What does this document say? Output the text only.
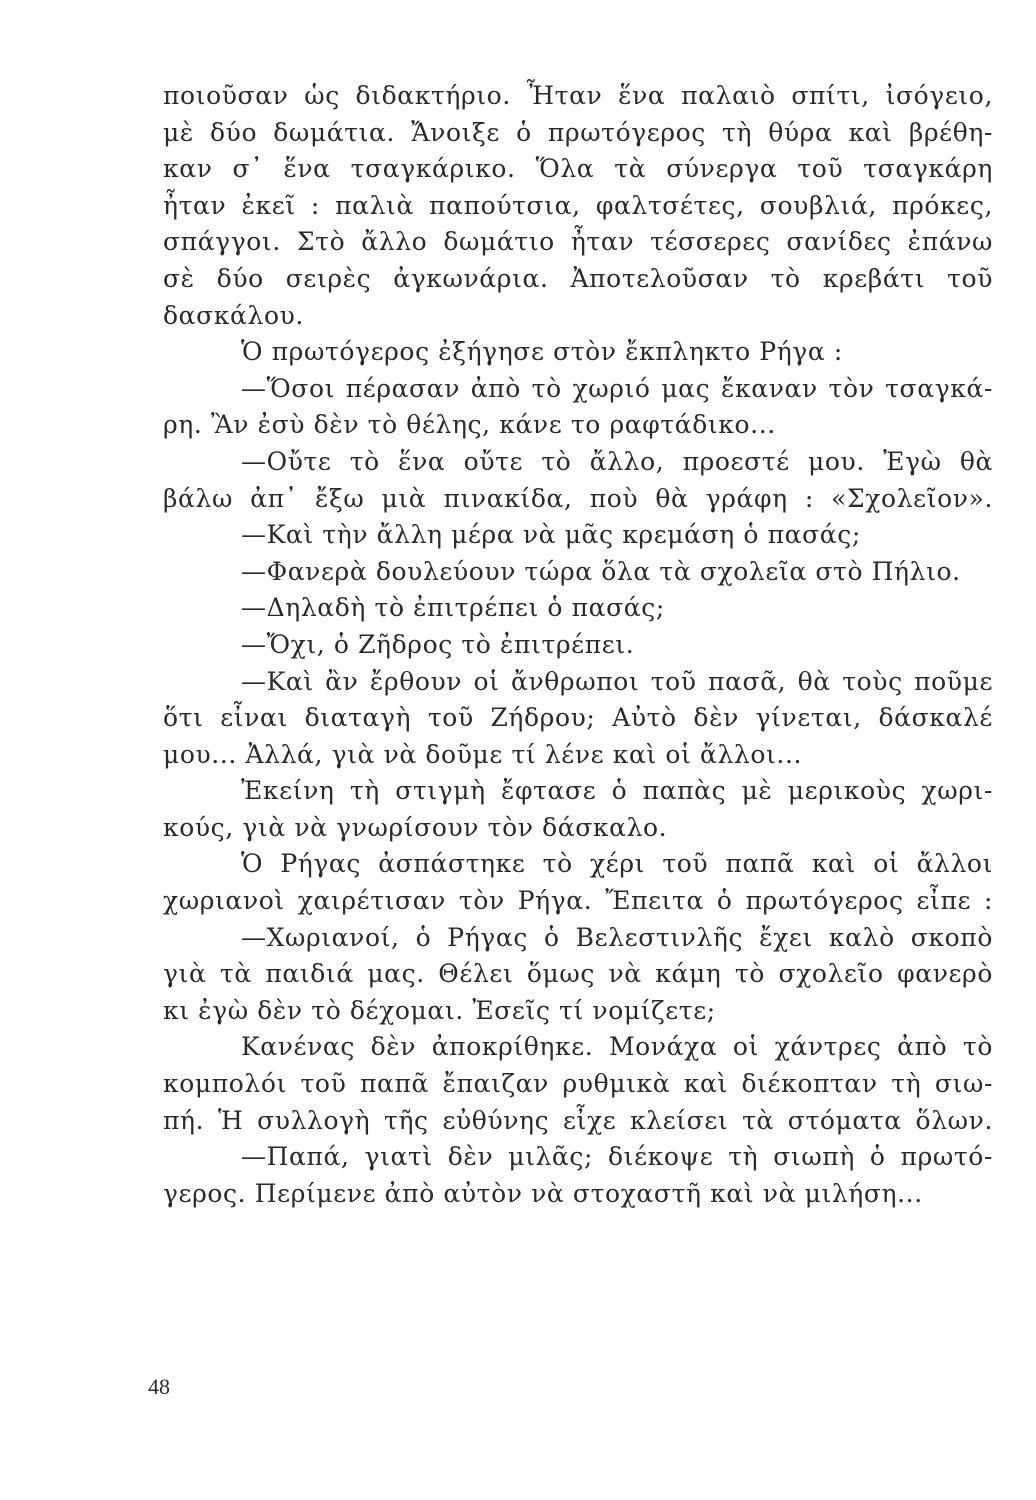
ποιοῦσαν ὡς διδακτήριο. Ἦταν ἕνα παλαιὸ σπίτι, ἰσόγειο,
μὲ δύο δωμάτια. Ἄνοιξε ὁ πρωτόγερος τὴ θύρα καὶ βρέθη-
καν σ᾽ ἕνα τσαγκάρικο. Ὅλα τὰ σύνεργα τοῦ τσαγκάρη
ἦταν ἐκεῖ : παλιὰ παπούτσια, φαλτσέτες, σουβλιά, πρόκες,
σπάγγοι. Στὸ ἄλλο δωμάτιο ἦταν τέσσερες σανίδες ἐπάνω
σὲ δύο σειρὲς ἀγκωνάρια. Ἀποτελοῦσαν τὸ κρεβάτι τοῦ
δασκάλου.
Ὁ πρωτόγερος ἐξήγησε στὸν ἔκπληκτο Ρήγα :
—Ὅσοι πέρασαν ἀπὸ τὸ χωριό μας ἔκαναν τὸν τσαγκά-
ρη. Ἂν ἐσὺ δὲν τὸ θέλης, κάνε το ραφτάδικο...
—Οὔτε τὸ ἕνα οὔτε τὸ ἄλλο, προεστέ μου. Ἐγὼ θὰ
βάλω ἀπ᾽ ἔξω μιὰ πινακίδα, ποὺ θὰ γράφη : «Σχολεῖον».
—Καὶ τὴν ἄλλη μέρα νὰ μᾶς κρεμάση ὁ πασάς;
—Φανερὰ δουλεύουν τώρα ὅλα τὰ σχολεῖα στὸ Πήλιο.
—Δηλαδὴ τὸ ἐπιτρέπει ὁ πασάς;
—Ὄχι, ὁ Ζῆδρος τὸ ἐπιτρέπει.
—Καὶ ἂν ἔρθουν οἱ ἄνθρωποι τοῦ πασᾶ, θὰ τοὺς ποῦμε
ὅτι εἶναι διαταγὴ τοῦ Ζήδρου; Αὐτὸ δὲν γίνεται, δάσκαλέ
μου... Ἀλλά, γιὰ νὰ δοῦμε τί λένε καὶ οἱ ἄλλοι...
Ἐκείνη τὴ στιγμὴ ἔφτασε ὁ παπὰς μὲ μερικοὺς χωρι-
κούς, γιὰ νὰ γνωρίσουν τὸν δάσκαλο.
Ὁ Ρήγας ἀσπάστηκε τὸ χέρι τοῦ παπᾶ καὶ οἱ ἄλλοι
χωριανοὶ χαιρέτισαν τὸν Ρήγα. Ἔπειτα ὁ πρωτόγερος εἶπε :
—Χωριανοί, ὁ Ρήγας ὁ Βελεστινλῆς ἔχει καλὸ σκοπὸ
γιὰ τὰ παιδιά μας. Θέλει ὅμως νὰ κάμη τὸ σχολεῖο φανερὸ
κι ἐγὼ δὲν τὸ δέχομαι. Ἐσεῖς τί νομίζετε;
Κανένας δὲν ἀποκρίθηκε. Μονάχα οἱ χάντρες ἀπὸ τὸ
κομπολόι τοῦ παπᾶ ἔπαιζαν ρυθμικὰ καὶ διέκοπταν τὴ σιω-
πή. Ἡ συλλογὴ τῆς εὐθύνης εἶχε κλείσει τὰ στόματα ὅλων.
—Παπά, γιατὶ δὲν μιλᾶς; διέκοψε τὴ σιωπὴ ὁ πρωτό-
γερος. Περίμενε ἀπὸ αὐτὸν νὰ στοχαστῆ καὶ νὰ μιλήση...
48
